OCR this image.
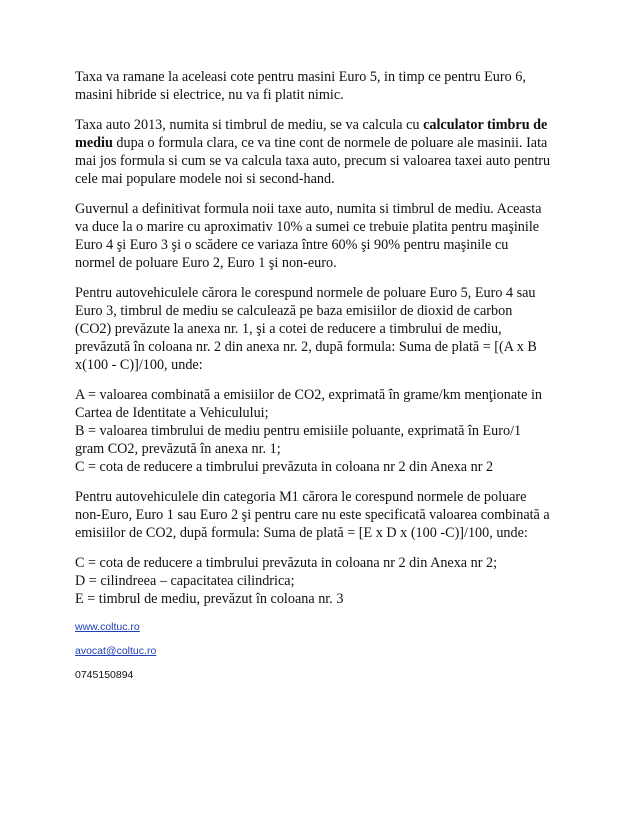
Taxa va ramane la aceleasi cote pentru masini Euro 5, in timp ce pentru Euro 6,
masini hibride si electrice, nu va fi platit nimic.

Taxa auto 2013, numita si timbrul de mediu, se va calcula cu calculator timbru de
mediu dupa o formula clara, ce va tine cont de normele de poluare ale masinii. Iata
mai jos formula si cum se va calcula taxa auto, precum si valoarea taxei auto pentru
cele mai populare modele noi si second-hand.

Guvernul a definitivat formula noii taxe auto, numita si timbrul de mediu. Aceasta
va duce la o marire cu aproximativ 10% a sumei ce trebuie platita pentru maşinile
Euro 4 şi Euro 3 şi o scădere ce variaza între 60% şi 90% pentru maşinile cu
normel de poluare Euro 2, Euro 1 şi non-euro.

Pentru autovehiculele cărora le corespund normele de poluare Euro 5, Euro 4 sau
Euro 3, timbrul de mediu se calculează pe baza emisiilor de dioxid de carbon
(CO2) prevăzute la anexa nr. 1, şi a cotei de reducere a timbrului de mediu,
prevăzută în coloana nr. 2 din anexa nr. 2, după formula: Suma de plată = [(A x B
x(100 - C)]/100, unde:

A = valoarea combinată a emisiilor de CO2, exprimată în grame/km menţionate in
Cartea de Identitate a Vehiculului;
B = valoarea timbrului de mediu pentru emisiile poluante, exprimată în Euro/1
gram CO2, prevăzută în anexa nr. 1;
C = cota de reducere a timbrului prevăzuta in coloana nr 2 din Anexa nr 2

Pentru autovehiculele din categoria M1 cărora le corespund normele de poluare
non-Euro, Euro 1 sau Euro 2 şi pentru care nu este specificată valoarea combinată a
emisiilor de CO2, după formula: Suma de plată = [E x D x (100 -C)]/100, unde:

C = cota de reducere a timbrului prevăzuta in coloana nr 2 din Anexa nr 2;
D = cilindreea – capacitatea cilindrica;
E = timbrul de mediu, prevăzut în coloana nr. 3

www.coltuc.ro
avocat@coltuc.ro
0745150894
